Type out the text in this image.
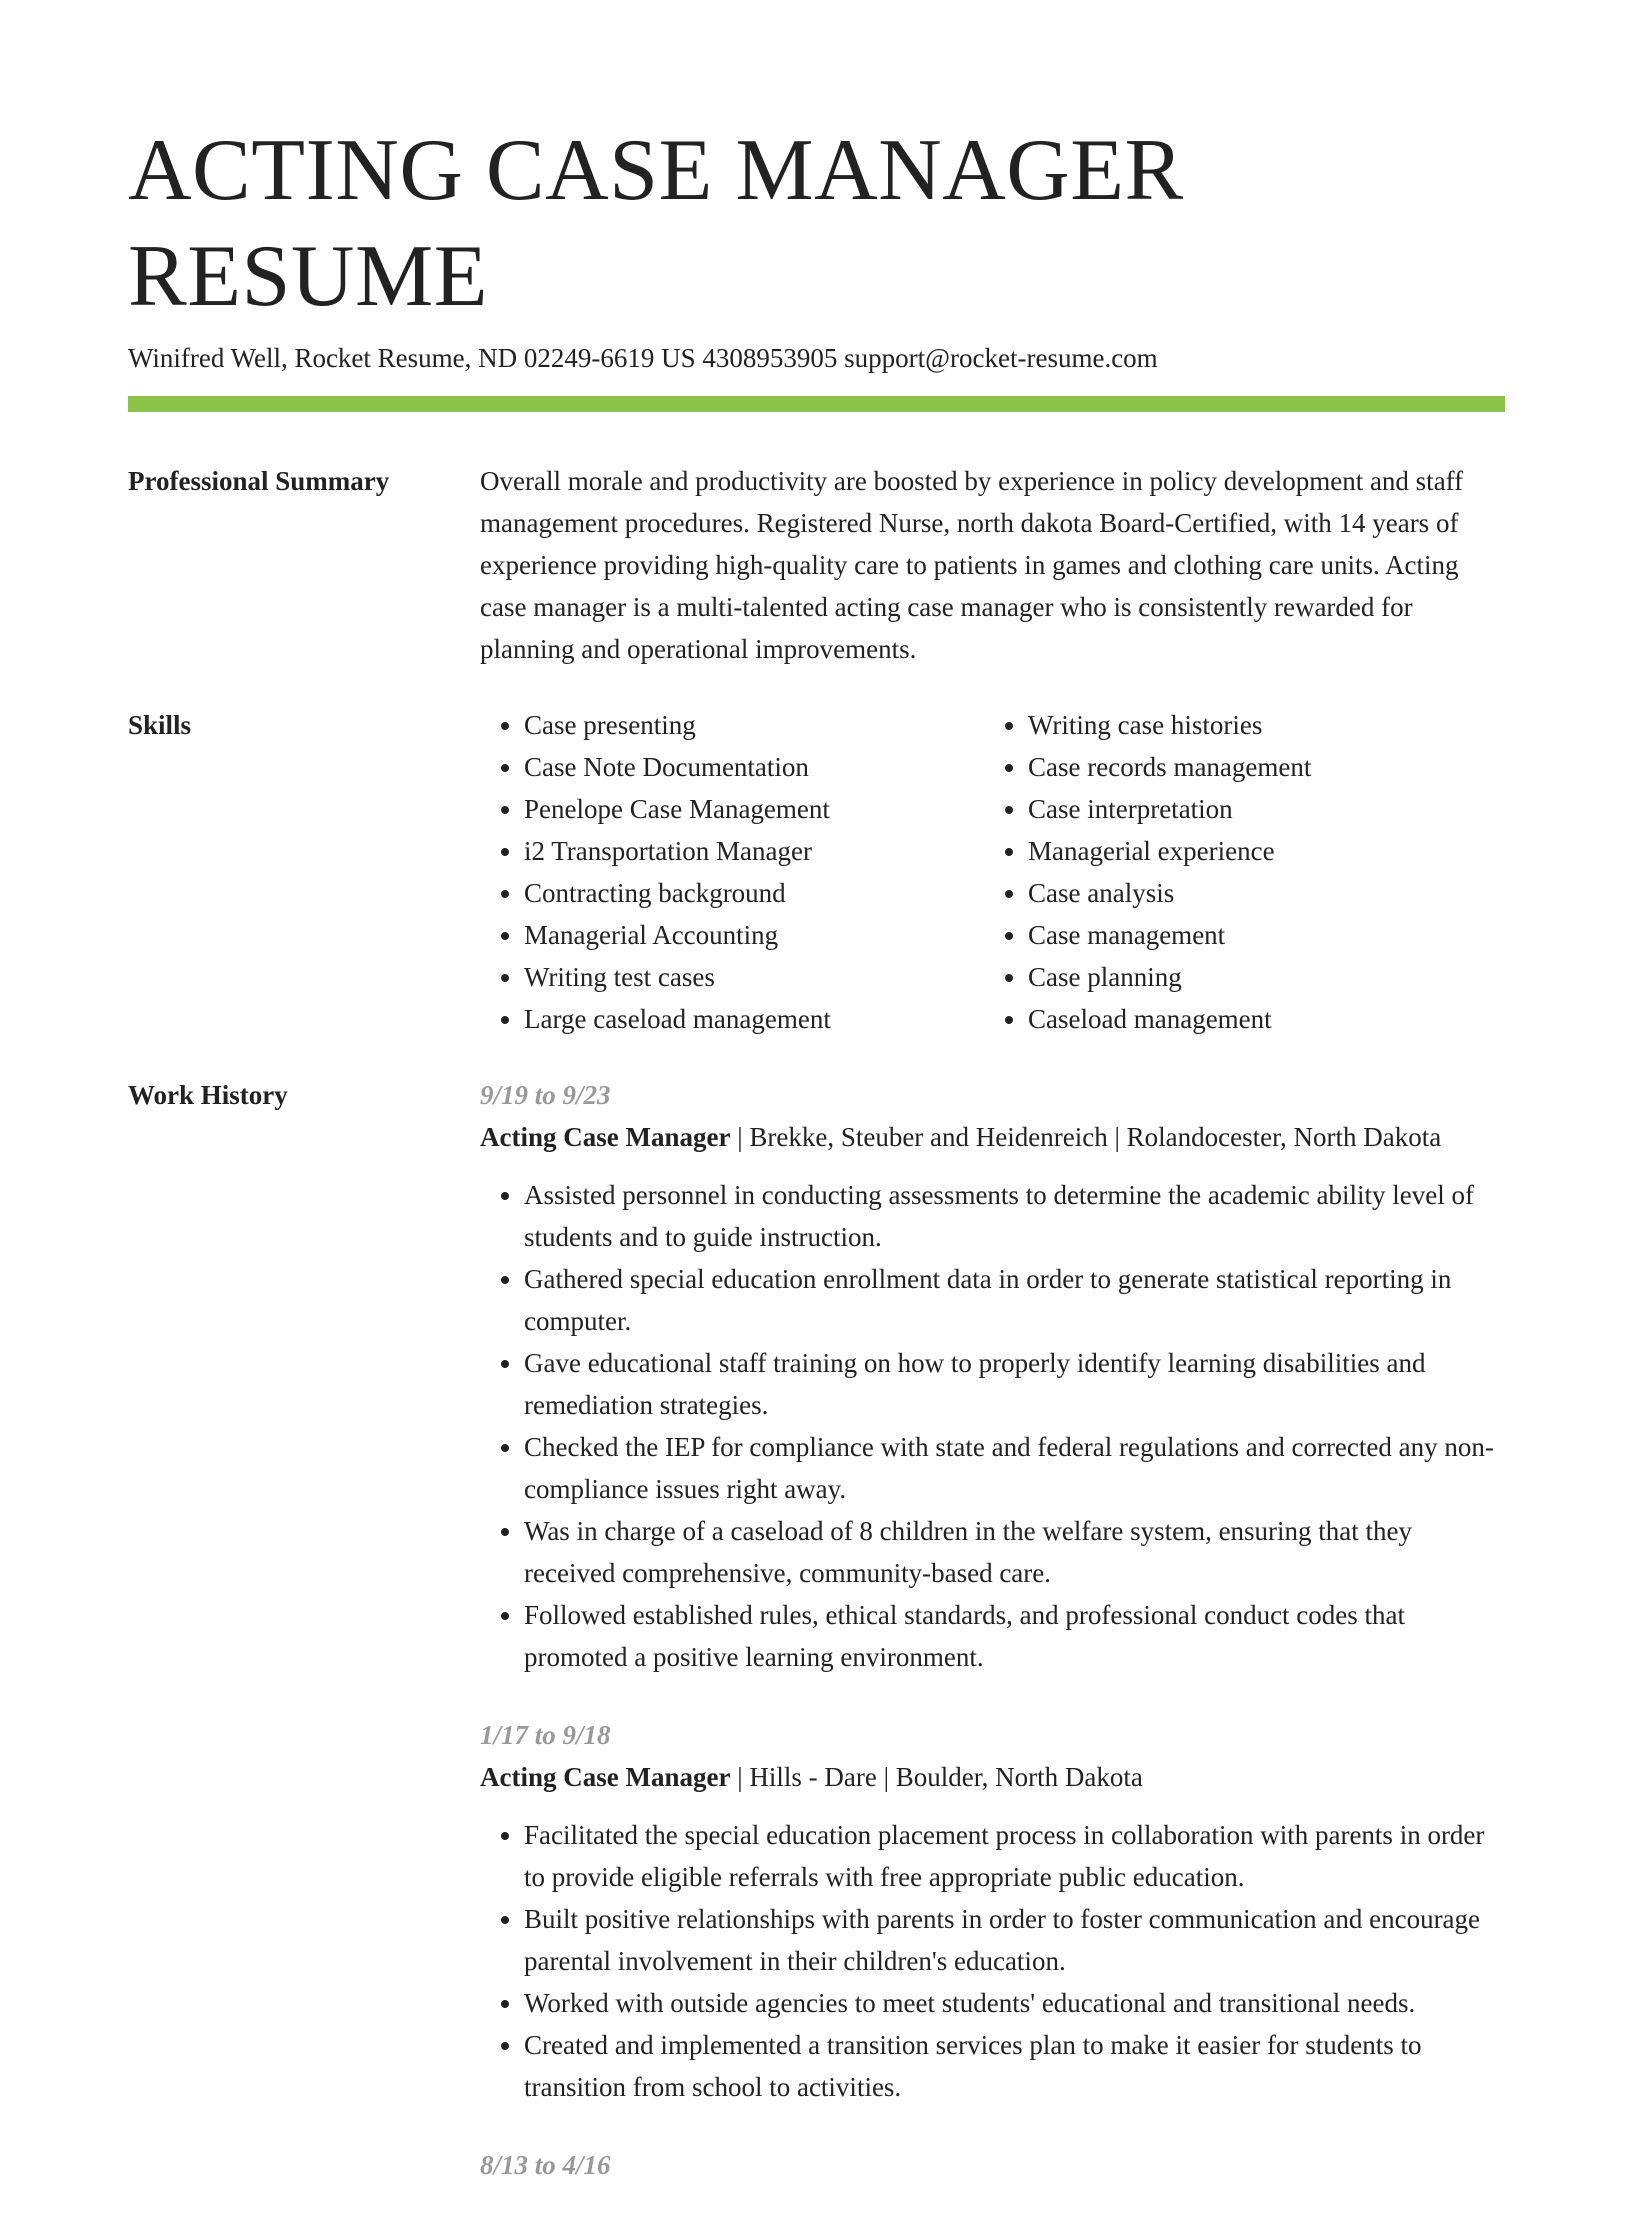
ACTING CASE MANAGER RESUME
Winifred Well, Rocket Resume, ND 02249-6619 US 4308953905 support@rocket-resume.com
Professional Summary	Overall morale and productivity are boosted by experience in policy development and staff management procedures. Registered Nurse, north dakota Board-Certified, with 14 years of experience providing high-quality care to patients in games and clothing care units. Acting case manager is a multi-talented acting case manager who is consistently rewarded for planning and operational improvements.

Skills
•	Case presenting
• Case Note Documentation
• Penelope Case Management
• i2 Transportation Manager
• Contracting background
• Managerial Accounting
• Writing test cases
• Large caseload management
• Writing case histories
• Case records management
• Case interpretation
• Managerial experience
• Case analysis
• Case management
• Case planning
• Caseload management
Work History	9/19 to 9/23
Acting Case Manager | Brekke, Steuber and Heidenreich | Rolandocester, North Dakota
• Assisted personnel in conducting assessments to determine the academic ability level of students and to guide instruction.
• Gathered special education enrollment data in order to generate statistical reporting in computer.
• Gave educational staff training on how to properly identify learning disabilities and remediation strategies.
• Checked the IEP for compliance with state and federal regulations and corrected any non-compliance issues right away.
• Was in charge of a caseload of 8 children in the welfare system, ensuring that they received comprehensive, community-based care.
• Followed established rules, ethical standards, and professional conduct codes that promoted a positive learning environment.
1/17 to 9/18
Acting Case Manager | Hills - Dare | Boulder, North Dakota
• Facilitated the special education placement process in collaboration with parents in order to provide eligible referrals with free appropriate public education.
• Built positive relationships with parents in order to foster communication and encourage parental involvement in their children's education.
• Worked with outside agencies to meet students' educational and transitional needs.
• Created and implemented a transition services plan to make it easier for students to transition from school to activities.
8/13 to 4/16
